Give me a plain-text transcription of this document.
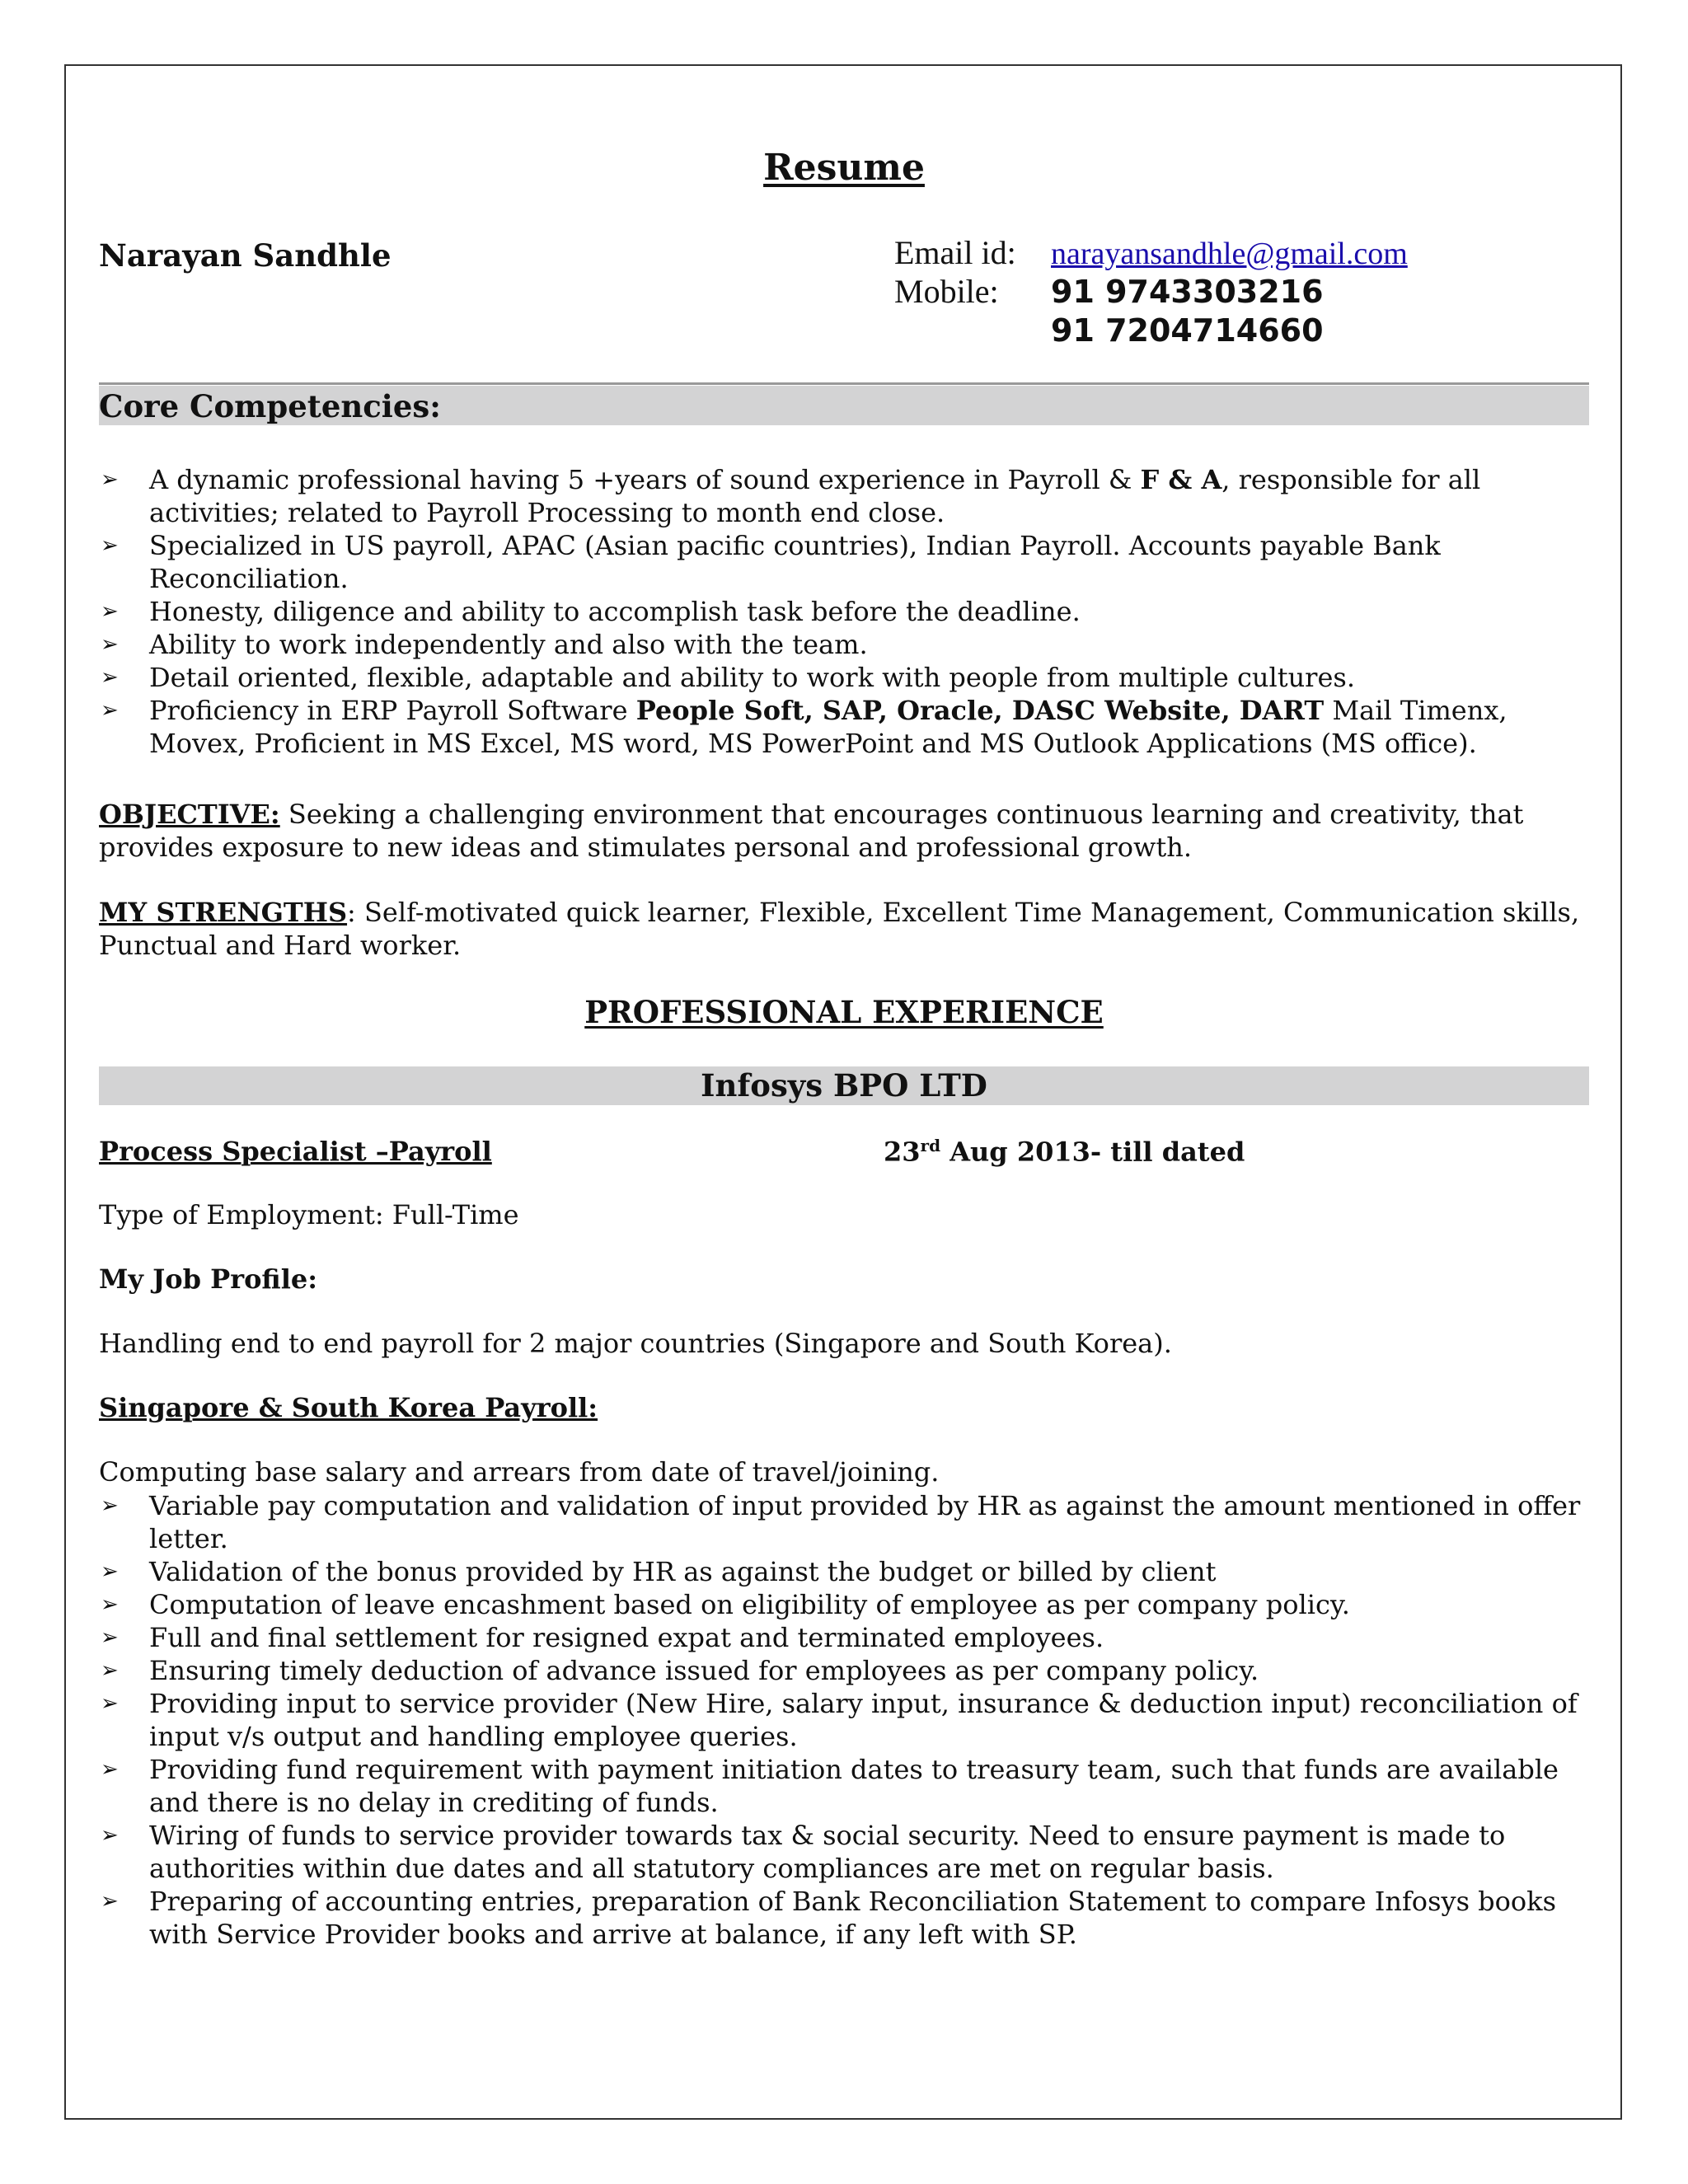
Resume
Narayan Sandhle	Email id: narayansandhle@gmail.com
Mobile: 91 9743303216
91 7204714660
Core Competencies:
➢ A dynamic professional having 5 +years of sound experience in Payroll & F & A, responsible for all activities; related to Payroll Processing to month end close.
➢ Specialized in US payroll, APAC (Asian pacific countries), Indian Payroll. Accounts payable Bank Reconciliation.
➢ Honesty, diligence and ability to accomplish task before the deadline.
➢ Ability to work independently and also with the team.
➢ Detail oriented, flexible, adaptable and ability to work with people from multiple cultures.
➢ Proficiency in ERP Payroll Software People Soft, SAP, Oracle, DASC Website, DART Mail Timenx, Movex, Proficient in MS Excel, MS word, MS PowerPoint and MS Outlook Applications (MS office).
OBJECTIVE: Seeking a challenging environment that encourages continuous learning and creativity, that provides exposure to new ideas and stimulates personal and professional growth.
MY STRENGTHS: Self-motivated quick learner, Flexible, Excellent Time Management, Communication skills, Punctual and Hard worker.
PROFESSIONAL EXPERIENCE
Infosys BPO LTD
Process Specialist –Payroll	23rd Aug 2013- till dated
Type of Employment: Full-Time
My Job Profile:
Handling end to end payroll for 2 major countries (Singapore and South Korea).
Singapore & South Korea Payroll:
Computing base salary and arrears from date of travel/joining.
➢ Variable pay computation and validation of input provided by HR as against the amount mentioned in offer letter.
➢ Validation of the bonus provided by HR as against the budget or billed by client
➢ Computation of leave encashment based on eligibility of employee as per company policy.
➢ Full and final settlement for resigned expat and terminated employees.
➢ Ensuring timely deduction of advance issued for employees as per company policy.
➢ Providing input to service provider (New Hire, salary input, insurance & deduction input) reconciliation of input v/s output and handling employee queries.
➢ Providing fund requirement with payment initiation dates to treasury team, such that funds are available and there is no delay in crediting of funds.
➢ Wiring of funds to service provider towards tax & social security. Need to ensure payment is made to authorities within due dates and all statutory compliances are met on regular basis.
➢ Preparing of accounting entries, preparation of Bank Reconciliation Statement to compare Infosys books with Service Provider books and arrive at balance, if any left with SP.
